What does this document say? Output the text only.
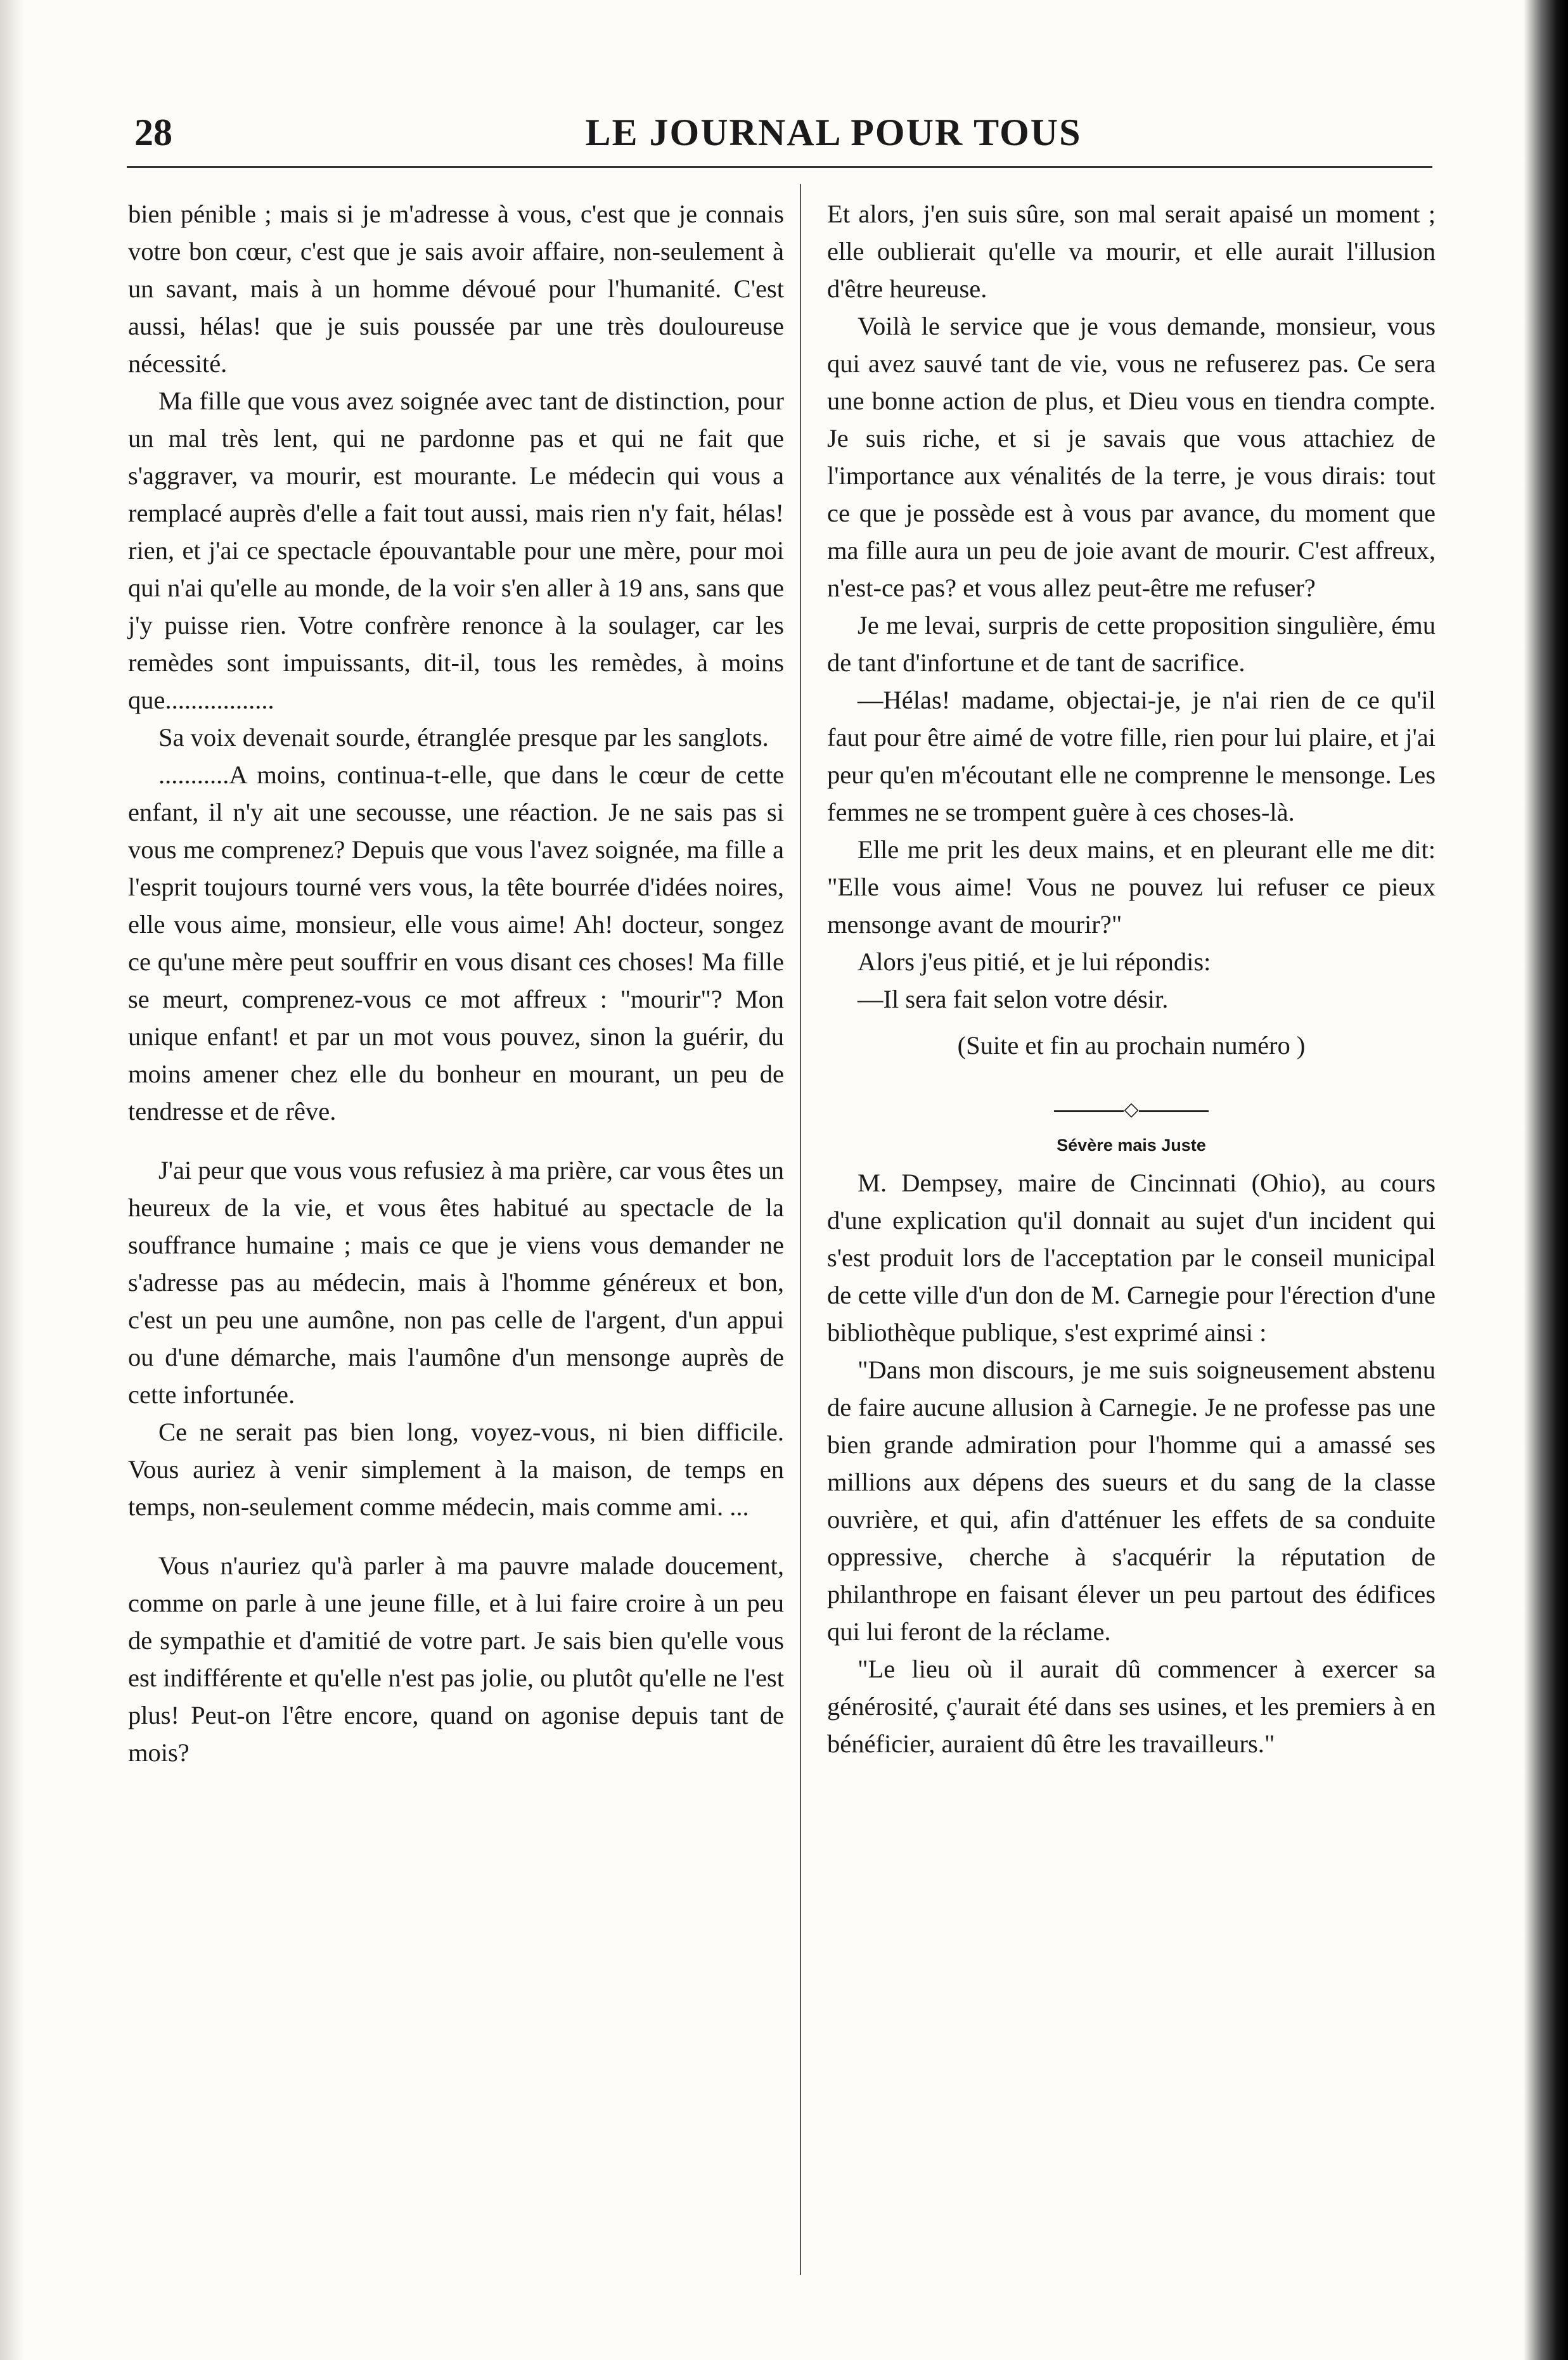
28	LE JOURNAL POUR TOUS

bien pénible ; mais si je m'adresse à vous, c'est que je connais votre bon cœur, c'est que je sais avoir affaire, non-seulement à un savant, mais à un homme dévoué pour l'humanité. C'est aussi, hélas! que je suis poussée par une très douloureuse nécessité.

Ma fille que vous avez soignée avec tant de distinction, pour un mal très lent, qui ne pardonne pas et qui ne fait que s'aggraver, va mourir, est mourante. Le médecin qui vous a remplacé auprès d'elle a fait tout aussi, mais rien n'y fait, hélas! rien, et j'ai ce spectacle épouvantable pour une mère, pour moi qui n'ai qu'elle au monde, de la voir s'en aller à 19 ans, sans que j'y puisse rien. Votre confrère renonce à la soulager, car les remèdes sont impuissants, dit-il, tous les remèdes, à moins que.................

Sa voix devenait sourde, étranglée presque par les sanglots.

...........A moins, continua-t-elle, que dans le cœur de cette enfant, il n'y ait une secousse, une réaction. Je ne sais pas si vous me comprenez? Depuis que vous l'avez soignée, ma fille a l'esprit toujours tourné vers vous, la tête bourrée d'idées noires, elle vous aime, monsieur, elle vous aime! Ah! docteur, songez ce qu'une mère peut souffrir en vous disant ces choses! Ma fille se meurt, comprenez-vous ce mot affreux : "mourir"? Mon unique enfant! et par un mot vous pouvez, sinon la guérir, du moins amener chez elle du bonheur en mourant, un peu de tendresse et de rêve.

J'ai peur que vous vous refusiez à ma prière, car vous êtes un heureux de la vie, et vous êtes habitué au spectacle de la souffrance humaine ; mais ce que je viens vous demander ne s'adresse pas au médecin, mais à l'homme généreux et bon, c'est un peu une aumône, non pas celle de l'argent, d'un appui ou d'une démarche, mais l'aumône d'un mensonge auprès de cette infortunée.

Ce ne serait pas bien long, voyez-vous, ni bien difficile. Vous auriez à venir simplement à la maison, de temps en temps, non-seulement comme médecin, mais comme ami. ...

Vous n'auriez qu'à parler à ma pauvre malade doucement, comme on parle à une jeune fille, et à lui faire croire à un peu de sympathie et d'amitié de votre part. Je sais bien qu'elle vous est indifférente et qu'elle n'est pas jolie, ou plutôt qu'elle ne l'est plus! Peut-on l'être encore, quand on agonise depuis tant de mois?

Et alors, j'en suis sûre, son mal serait apaisé un moment ; elle oublierait qu'elle va mourir, et elle aurait l'illusion d'être heureuse.

Voilà le service que je vous demande, monsieur, vous qui avez sauvé tant de vie, vous ne refuserez pas. Ce sera une bonne action de plus, et Dieu vous en tiendra compte. Je suis riche, et si je savais que vous attachiez de l'importance aux vénalités de la terre, je vous dirais: tout ce que je possède est à vous par avance, du moment que ma fille aura un peu de joie avant de mourir. C'est affreux, n'est-ce pas? et vous allez peut-être me refuser?

Je me levai, surpris de cette proposition singulière, ému de tant d'infortune et de tant de sacrifice.

—Hélas! madame, objectai-je, je n'ai rien de ce qu'il faut pour être aimé de votre fille, rien pour lui plaire, et j'ai peur qu'en m'écoutant elle ne comprenne le mensonge. Les femmes ne se trompent guère à ces choses-là.

Elle me prit les deux mains, et en pleurant elle me dit: "Elle vous aime! Vous ne pouvez lui refuser ce pieux mensonge avant de mourir?"

Alors j'eus pitié, et je lui répondis:

—Il sera fait selon votre désir.

(Suite et fin au prochain numéro )

◇
Sévère mais Juste

M. Dempsey, maire de Cincinnati (Ohio), au cours d'une explication qu'il donnait au sujet d'un incident qui s'est produit lors de l'acceptation par le conseil municipal de cette ville d'un don de M. Carnegie pour l'érection d'une bibliothèque publique, s'est exprimé ainsi :

"Dans mon discours, je me suis soigneusement abstenu de faire aucune allusion à Carnegie. Je ne professe pas une bien grande admiration pour l'homme qui a amassé ses millions aux dépens des sueurs et du sang de la classe ouvrière, et qui, afin d'atténuer les effets de sa conduite oppressive, cherche à s'acquérir la réputation de philanthrope en faisant élever un peu partout des édifices qui lui feront de la réclame.

"Le lieu où il aurait dû commencer à exercer sa générosité, ç'aurait été dans ses usines, et les premiers à en bénéficier, auraient dû être les travailleurs."
